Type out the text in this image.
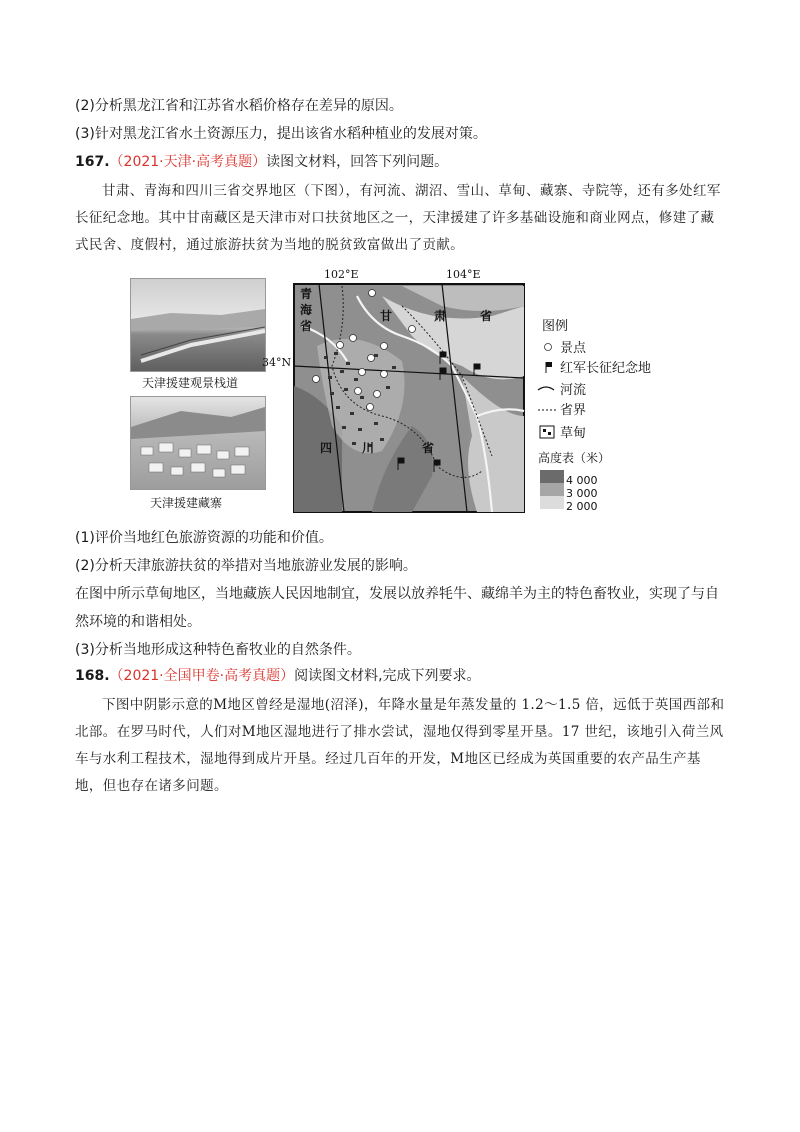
(2)分析黑龙江省和江苏省水稻价格存在差异的原因。
(3)针对黑龙江省水土资源压力，提出该省水稻种植业的发展对策。
167.（2021·天津·高考真题）读图文材料，回答下列问题。
甘肃、青海和四川三省交界地区（下图），有河流、湖沼、雪山、草甸、藏寨、寺院等，还有多处红军长征纪念地。其中甘南藏区是天津市对口扶贫地区之一，天津援建了许多基础设施和商业网点，修建了藏式民舍、度假村，通过旅游扶贫为当地的脱贫致富做出了贡献。
天津援建观景栈道
天津援建藏寨
102°E	104°E
34°N
青
海
省
甘	肃	省
四 川	省
图例
景点
红军长征纪念地
河流
省界
草甸
高度表（米）
4 000
3 000
2 000
(1)评价当地红色旅游资源的功能和价值。
(2)分析天津旅游扶贫的举措对当地旅游业发展的影响。
在图中所示草甸地区，当地藏族人民因地制宜，发展以放养牦牛、藏绵羊为主的特色畜牧业，实现了与自
然环境的和谐相处。
(3)分析当地形成这种特色畜牧业的自然条件。
168.（2021·全国甲卷·高考真题）阅读图文材料,完成下列要求。
下图中阴影示意的M地区曾经是湿地(沼泽)，年降水量是年蒸发量的 1.2～1.5 倍，远低于英国西部和北部。在罗马时代，人们对M地区湿地进行了排水尝试，湿地仅得到零星开垦。17 世纪，该地引入荷兰风车与水利工程技术，湿地得到成片开垦。经过几百年的开发，M地区已经成为英国重要的农产品生产基地，但也存在诸多问题。
